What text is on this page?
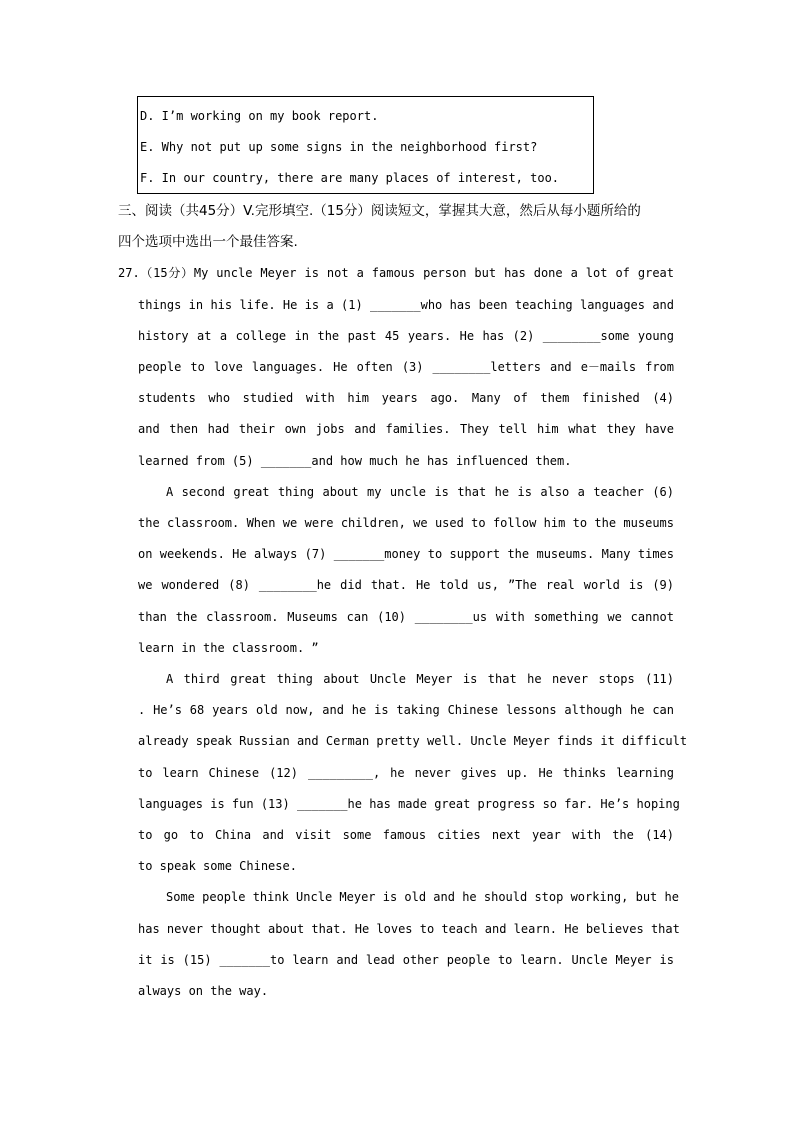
D. I’m working on my book report.
E. Why not put up some signs in the neighborhood first?
F. In our country, there are many places of interest, too.
三、阅读（共45分）V.完形填空.（15分）阅读短文，掌握其大意，然后从每小题所给的
四个选项中选出一个最佳答案.
27.（15分）My uncle Meyer is not a famous person but has done a lot of great
things in his life. He is a (1) _______who has been teaching languages and
history at a college in the past 45 years. He has (2) ________some young
people to love languages. He often (3) ________letters and e－mails from
students who studied with him years ago. Many of them finished (4)
and then had their own jobs and families. They tell him what they have
learned from (5) _______and how much he has influenced them.
A second great thing about my uncle is that he is also a teacher (6)
the classroom. When we were children, we used to follow him to the museums
on weekends. He always (7) _______money to support the museums. Many times
we wondered (8) ________he did that. He told us, ”The real world is (9)
than the classroom. Museums can (10) ________us with something we cannot
learn in the classroom. ”
A third great thing about Uncle Meyer is that he never stops (11)
. He’s 68 years old now, and he is taking Chinese lessons although he can
already speak Russian and Cerman pretty well. Uncle Meyer finds it difficult
to learn Chinese (12) _________, he never gives up. He thinks learning
languages is fun (13) _______he has made great progress so far. He’s hoping
to go to China and visit some famous cities next year with the (14)
to speak some Chinese.
Some people think Uncle Meyer is old and he should stop working, but he
has never thought about that. He loves to teach and learn. He believes that
it is (15) _______to learn and lead other people to learn. Uncle Meyer is
always on the way.
